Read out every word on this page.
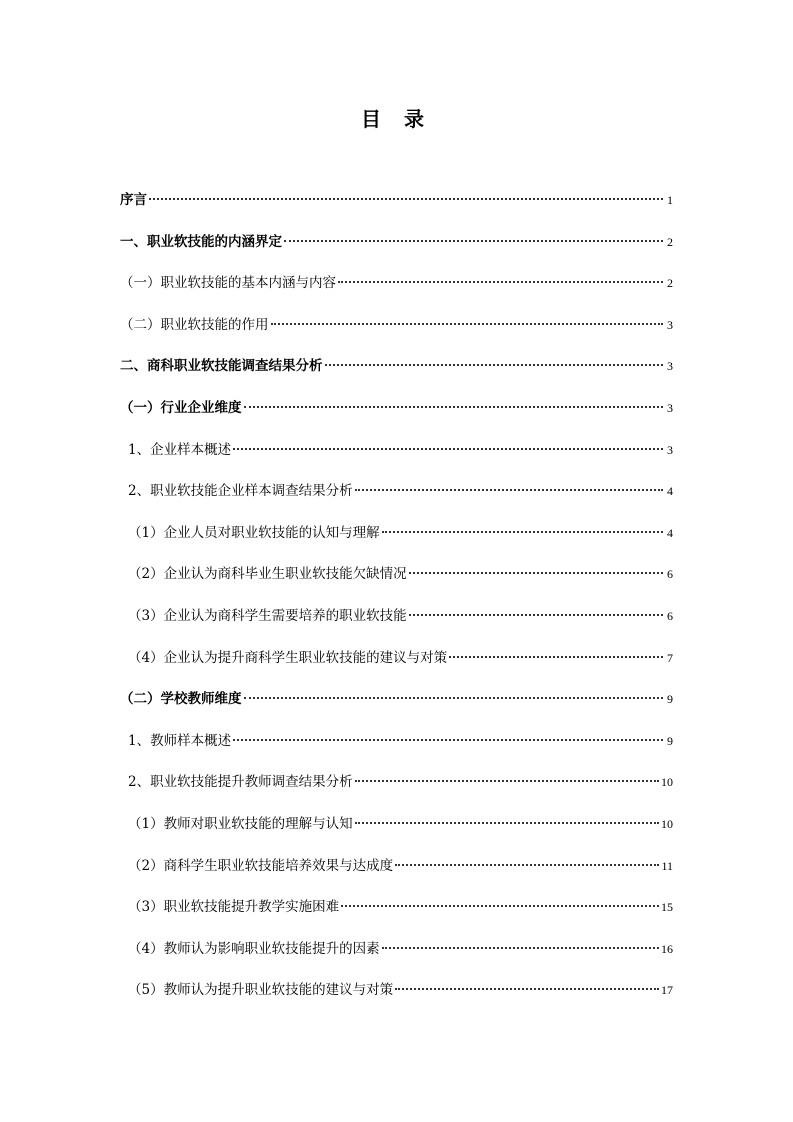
目 录
序言	1
一、职业软技能的内涵界定	2
（一）职业软技能的基本内涵与内容	2
（二）职业软技能的作用	3
二、商科职业软技能调查结果分析	3
（一）行业企业维度	3
1、企业样本概述	3
2、职业软技能企业样本调查结果分析	4
（1）企业人员对职业软技能的认知与理解	4
（2）企业认为商科毕业生职业软技能欠缺情况	6
（3）企业认为商科学生需要培养的职业软技能	6
（4）企业认为提升商科学生职业软技能的建议与对策	7
（二）学校教师维度	9
1、教师样本概述	9
2、职业软技能提升教师调查结果分析	10
（1）教师对职业软技能的理解与认知	10
（2）商科学生职业软技能培养效果与达成度	11
（3）职业软技能提升教学实施困难	15
（4）教师认为影响职业软技能提升的因素	16
（5）教师认为提升职业软技能的建议与对策	17
